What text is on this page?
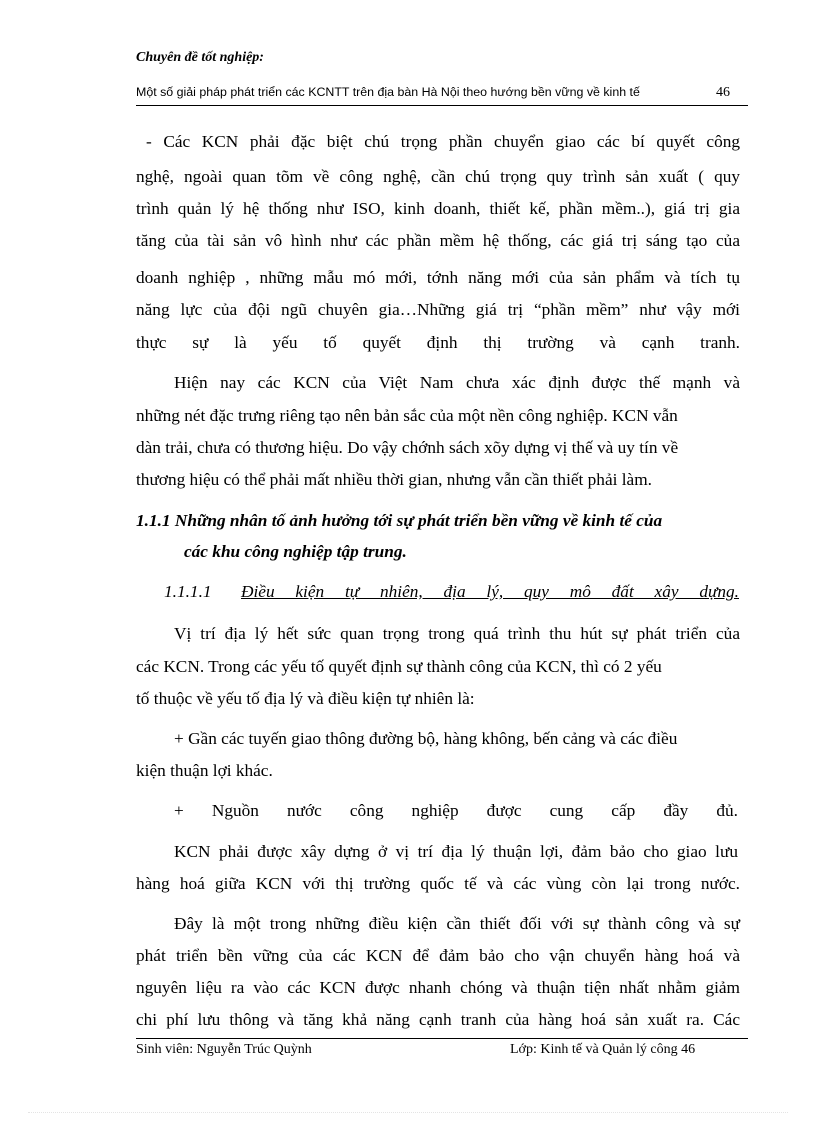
Chuyên đề tốt nghiệp:
Một số giải pháp phát triển các KCNTT trên địa bàn Hà Nội theo hướng bền vững về kinh tế	46
- Các KCN phải đặc biệt chú trọng phần chuyển giao các bí quyết công
nghệ, ngoài quan tõm về công nghệ, cần chú trọng quy trình sản xuất ( quy
trình quản lý hệ thống như ISO, kinh doanh, thiết kế, phần mềm..), giá trị gia
tăng của tài sản vô hình như các phần mềm hệ thống, các giá trị sáng tạo của
doanh nghiệp , những mẫu mó mới, tớnh năng mới của sản phẩm và tích tụ
năng lực của đội ngũ chuyên gia…Những giá trị “phần mềm” như vậy mới
thực sự là yếu tố quyết định thị trường và cạnh tranh.
Hiện nay các KCN của Việt Nam chưa xác định được thế mạnh và
những nét đặc trưng riêng tạo nên bản sắc của một nền công nghiệp. KCN vẫn
dàn trải, chưa có thương hiệu. Do vậy chớnh sách xõy dựng vị thế và uy tín về
thương hiệu có thể phải mất nhiều thời gian, nhưng vẫn cần thiết phải làm.
1.1.1 Những nhân tố ảnh hưởng tới sự phát triển bền vững về kinh tế của
các khu công nghiệp tập trung.
1.1.1.1	Điều kiện tự nhiên, địa lý, quy mô đất xây dựng.
Vị trí địa lý hết sức quan trọng trong quá trình thu hút sự phát triển của
các KCN. Trong các yếu tố quyết định sự thành công của KCN, thì có 2 yếu
tố thuộc về yếu tố địa lý và điều kiện tự nhiên là:
+ Gần các tuyến giao thông đường bộ, hàng không, bến cảng và các điều
kiện thuận lợi khác.
+ Nguồn nước công nghiệp được cung cấp đầy đủ.
KCN phải được xây dựng ở vị trí địa lý thuận lợi, đảm bảo cho giao lưu
hàng hoá giữa KCN với thị trường quốc tế và các vùng còn lại trong nước.
Đây là một trong những điều kiện cần thiết đối với sự thành công và sự
phát triển bền vững của các KCN để đảm bảo cho vận chuyển hàng hoá và
nguyên liệu ra vào các KCN được nhanh chóng và thuận tiện nhất nhằm giảm
chi phí lưu thông và tăng khả năng cạnh tranh của hàng hoá sản xuất ra. Các
Sinh viên: Nguyễn Trúc Quỳnh	Lớp: Kinh tế và Quản lý công 46
